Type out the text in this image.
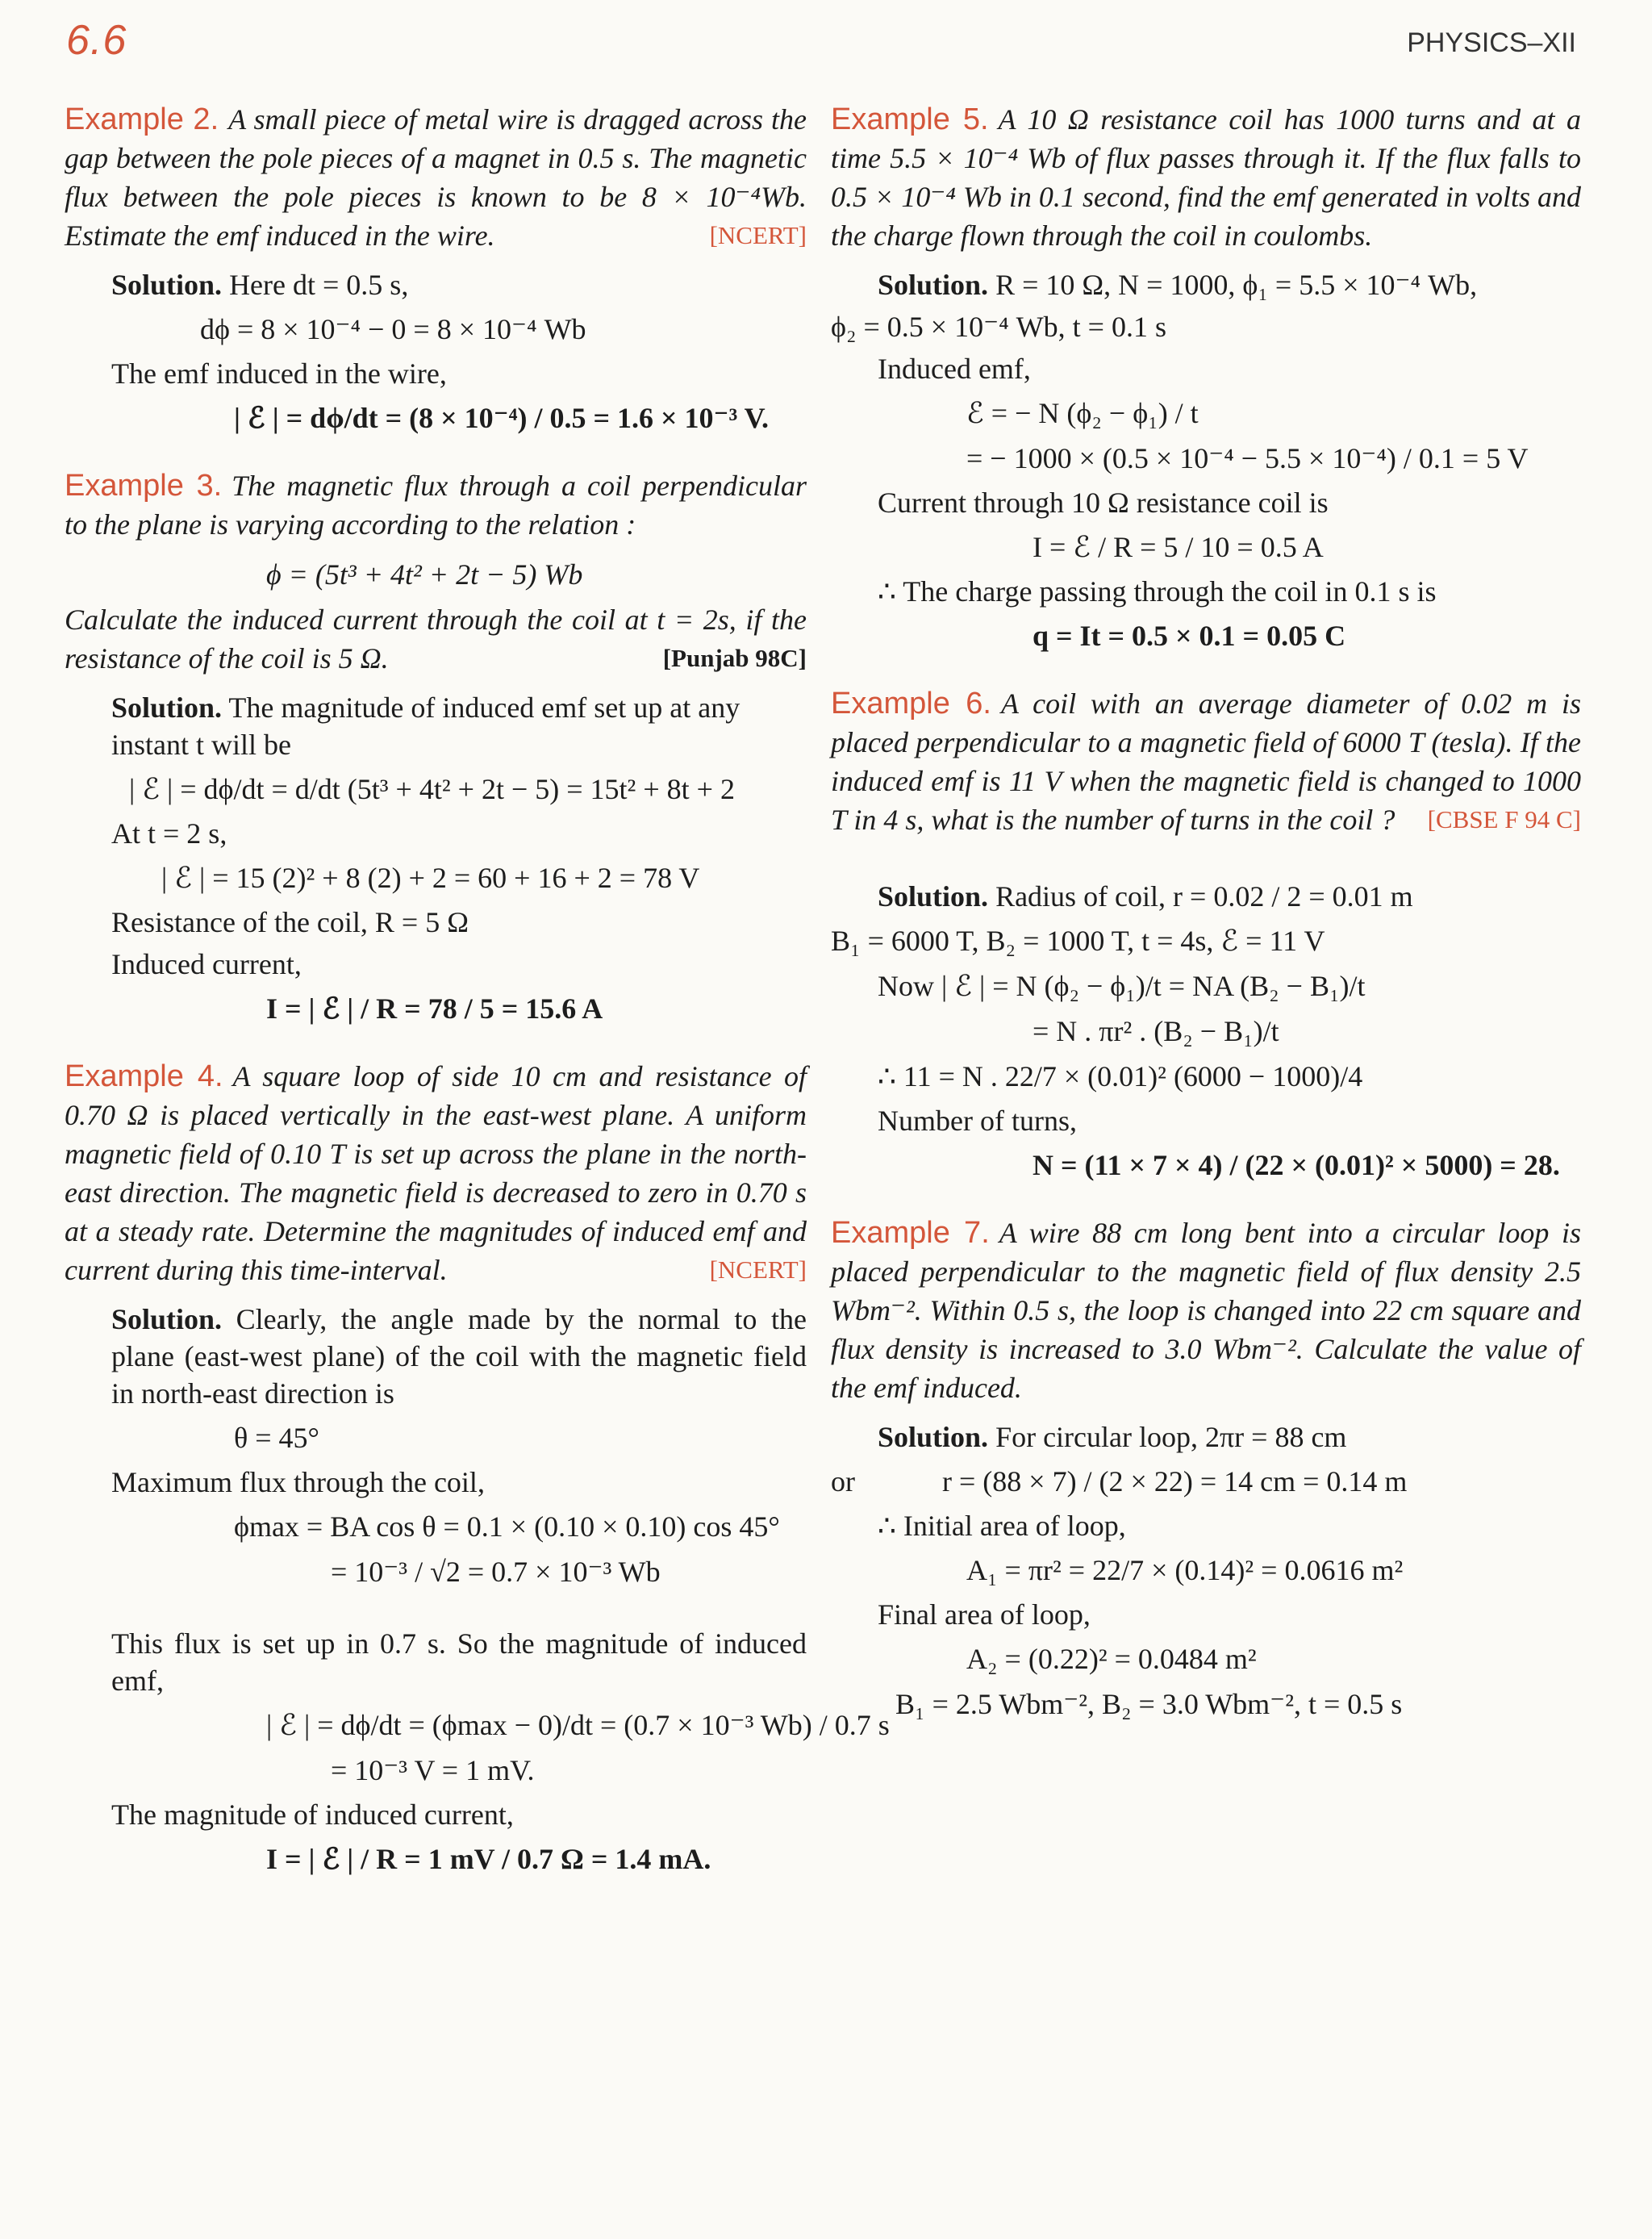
6.6	PHYSICS–XII
Example 2. A small piece of metal wire is dragged across the gap between the pole pieces of a magnet in 0.5 s. The magnetic flux between the pole pieces is known to be 8 × 10⁻⁴Wb. Estimate the emf induced in the wire.	[NCERT]
Solution. Here dt = 0.5 s,
dϕ = 8 × 10⁻⁴ − 0 = 8 × 10⁻⁴ Wb
The emf induced in the wire,
| ℰ | = dϕ/dt = (8 × 10⁻⁴) / 0.5 = 1.6 × 10⁻³ V.
Example 3. The magnetic flux through a coil perpendicular to the plane is varying according to the relation :
ϕ = (5t³ + 4t² + 2t − 5) Wb
Calculate the induced current through the coil at t = 2s, if the resistance of the coil is 5 Ω.	[Punjab 98C]
Solution. The magnitude of induced emf set up at any instant t will be
| ℰ | = dϕ/dt = d/dt (5t³ + 4t² + 2t − 5) = 15t² + 8t + 2
At t = 2 s,
| ℰ | = 15 (2)² + 8 (2) + 2 = 60 + 16 + 2 = 78 V
Resistance of the coil, R = 5 Ω
Induced current,
I = | ℰ | / R = 78 / 5 = 15.6 A
Example 4. A square loop of side 10 cm and resistance of 0.70 Ω is placed vertically in the east-west plane. A uniform magnetic field of 0.10 T is set up across the plane in the north-east direction. The magnetic field is decreased to zero in 0.70 s at a steady rate. Determine the magnitudes of induced emf and current during this time-interval.	[NCERT]
Solution. Clearly, the angle made by the normal to the plane (east-west plane) of the coil with the magnetic field in north-east direction is
θ = 45°
Maximum flux through the coil,
ϕmax = BA cos θ = 0.1 × (0.10 × 0.10) cos 45°
= 10⁻³ / √2 = 0.7 × 10⁻³ Wb
This flux is set up in 0.7 s. So the magnitude of induced emf,
| ℰ | = dϕ/dt = (ϕmax − 0)/dt = (0.7 × 10⁻³ Wb) / 0.7 s
= 10⁻³ V = 1 mV.
The magnitude of induced current,
I = | ℰ | / R = 1 mV / 0.7 Ω = 1.4 mA.
Example 5. A 10 Ω resistance coil has 1000 turns and at a time 5.5 × 10⁻⁴ Wb of flux passes through it. If the flux falls to 0.5 × 10⁻⁴ Wb in 0.1 second, find the emf generated in volts and the charge flown through the coil in coulombs.
Solution. R = 10 Ω, N = 1000, ϕ₁ = 5.5 × 10⁻⁴ Wb,
ϕ₂ = 0.5 × 10⁻⁴ Wb, t = 0.1 s
Induced emf,
ℰ = − N (ϕ₂ − ϕ₁) / t
= − 1000 × (0.5 × 10⁻⁴ − 5.5 × 10⁻⁴) / 0.1 = 5 V
Current through 10 Ω resistance coil is
I = ℰ / R = 5 / 10 = 0.5 A
∴ The charge passing through the coil in 0.1 s is
q = It = 0.5 × 0.1 = 0.05 C
Example 6. A coil with an average diameter of 0.02 m is placed perpendicular to a magnetic field of 6000 T (tesla). If the induced emf is 11 V when the magnetic field is changed to 1000 T in 4 s, what is the number of turns in the coil ? [CBSE F 94 C]
Solution. Radius of coil, r = 0.02 / 2 = 0.01 m
B₁ = 6000 T, B₂ = 1000 T, t = 4s, ℰ = 11 V
Now | ℰ | = N (ϕ₂ − ϕ₁)/t = NA (B₂ − B₁)/t
= N . πr² . (B₂ − B₁)/t
∴ 11 = N . 22/7 × (0.01)² (6000 − 1000)/4
Number of turns,
N = (11 × 7 × 4) / (22 × (0.01)² × 5000) = 28.
Example 7. A wire 88 cm long bent into a circular loop is placed perpendicular to the magnetic field of flux density 2.5 Wbm⁻². Within 0.5 s, the loop is changed into 22 cm square and flux density is increased to 3.0 Wbm⁻². Calculate the value of the emf induced.
Solution. For circular loop, 2πr = 88 cm
or            r = (88 × 7) / (2 × 22) = 14 cm = 0.14 m
∴ Initial area of loop,
A₁ = πr² = 22/7 × (0.14)² = 0.0616 m²
Final area of loop,
A₂ = (0.22)² = 0.0484 m²
B₁ = 2.5 Wbm⁻², B₂ = 3.0 Wbm⁻², t = 0.5 s
